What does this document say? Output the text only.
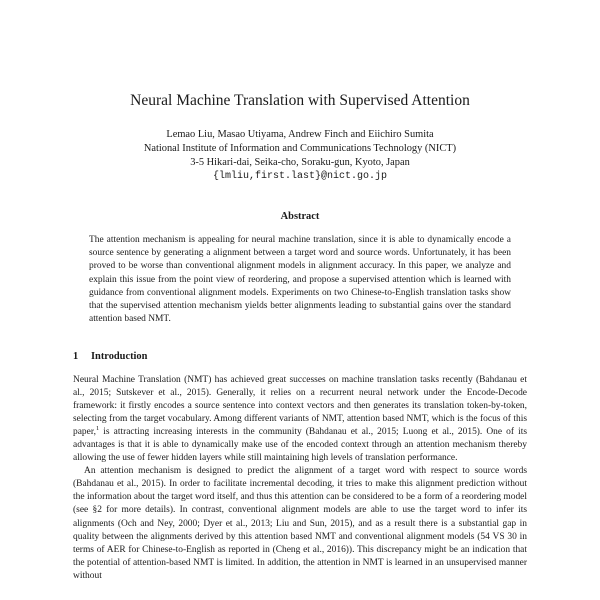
Neural Machine Translation with Supervised Attention
Lemao Liu, Masao Utiyama, Andrew Finch and Eiichiro Sumita
National Institute of Information and Communications Technology (NICT)
3-5 Hikari-dai, Seika-cho, Soraku-gun, Kyoto, Japan
{lmliu,first.last}@nict.go.jp
Abstract
The attention mechanism is appealing for neural machine translation, since it is able to dynamically encode a source sentence by generating a alignment between a target word and source words. Unfortunately, it has been proved to be worse than conventional alignment models in alignment accuracy. In this paper, we analyze and explain this issue from the point view of reordering, and propose a supervised attention which is learned with guidance from conventional alignment models. Experiments on two Chinese-to-English translation tasks show that the supervised attention mechanism yields better alignments leading to substantial gains over the standard attention based NMT.
1 Introduction

Neural Machine Translation (NMT) has achieved great successes on machine translation tasks recently (Bahdanau et al., 2015; Sutskever et al., 2015). Generally, it relies on a recurrent neural network under the Encode-Decode framework: it firstly encodes a source sentence into context vectors and then generates its translation token-by-token, selecting from the target vocabulary. Among different variants of NMT, attention based NMT, which is the focus of this paper,$^1$ is attracting increasing interests in the community (Bahdanau et al., 2015; Luong et al., 2015). One of its advantages is that it is able to dynamically make use of the encoded context through an attention mechanism thereby allowing the use of fewer hidden layers while still maintaining high levels of translation performance.

An attention mechanism is designed to predict the alignment of a target word with respect to source words (Bahdanau et al., 2015). In order to facilitate incremental decoding, it tries to make this alignment prediction without the information about the target word itself, and thus this attention can be considered to be a form of a reordering model (see §2 for more details). In contrast, conventional alignment models are able to use the target word to infer its alignments (Och and Ney, 2000; Dyer et al., 2013; Liu and Sun, 2015), and as a result there is a substantial gap in quality between the alignments derived by this attention based NMT and conventional alignment models (54 VS 30 in terms of AER for Chinese-to-English as reported in (Cheng et al., 2016)). This discrepancy might be an indication that the potential of attention-based NMT is limited. In addition, the attention in NMT is learned in an unsupervised manner without
